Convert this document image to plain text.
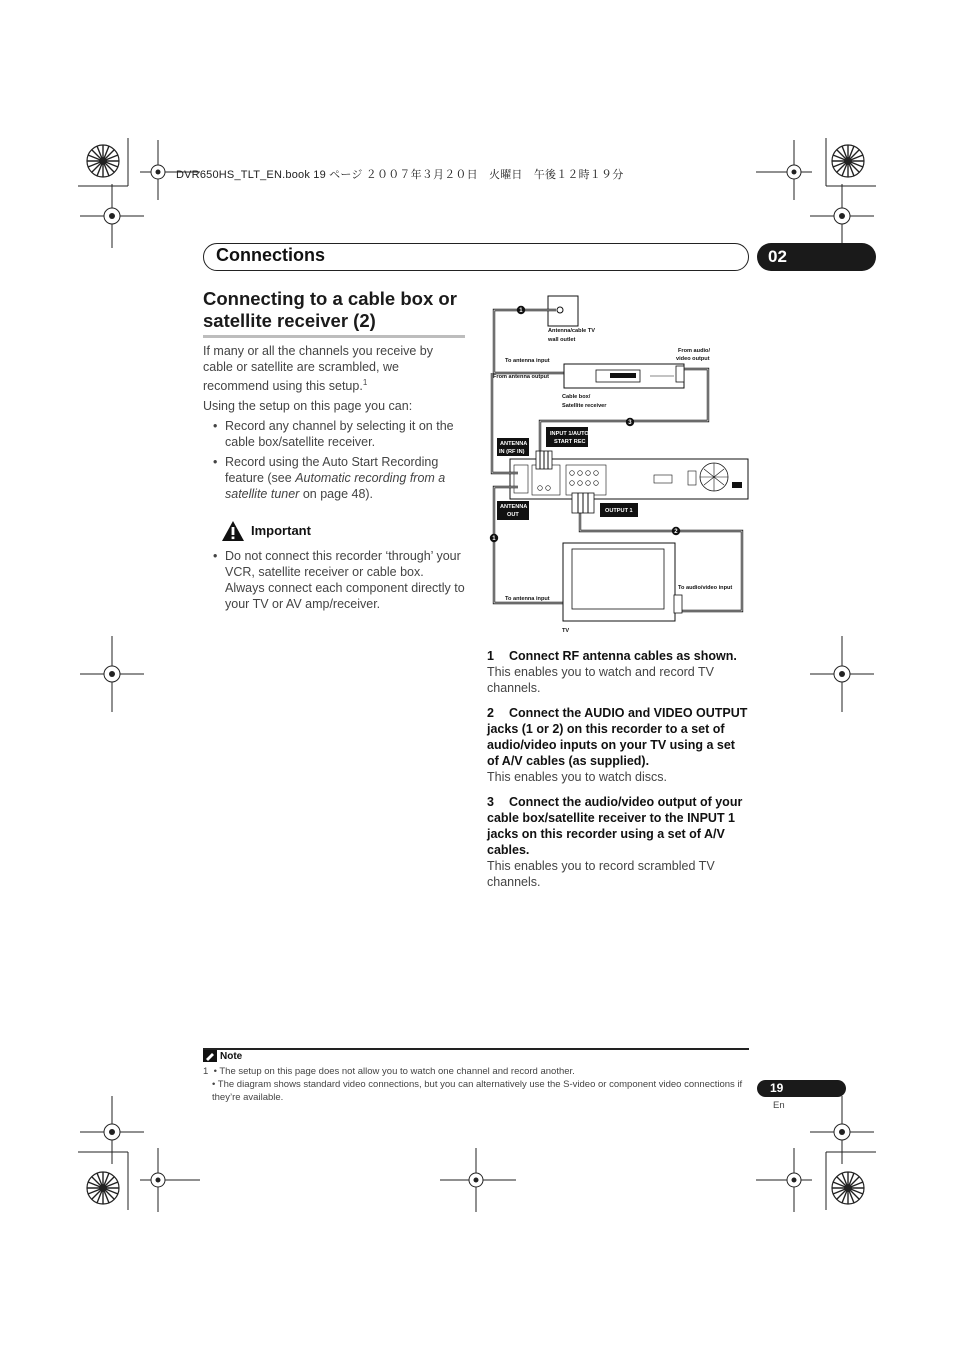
DVR650HS_TLT_EN.book 19 ページ ２００７年３月２０日　火曜日　午後１２時１９分
Connections	02
Connecting to a cable box or satellite receiver (2)

If many or all the channels you receive by cable or satellite are scrambled, we recommend using this setup.$^1$

Using the setup on this page you can:

• Record any channel by selecting it on the cable box/satellite receiver.
• Record using the Auto Start Recording feature (see Automatic recording from a satellite tuner on page 48).
Important
• Do not connect this recorder ‘through’ your VCR, satellite receiver or cable box. Always connect each component directly to your TV or AV amp/receiver.
Antenna/cable TV
wall outlet
1
To antenna input
From antenna output
Cable box/
Satellite receiver
From audio/
video output
3
INPUT 1/AUTO
START REC
ANTENNA
IN (RF IN)
ANTENNA
OUT
OUTPUT 1
1
To antenna input
2
To audio/video input
TV
1 Connect RF antenna cables as shown.
This enables you to watch and record TV channels.
2 Connect the AUDIO and VIDEO OUTPUT jacks (1 or 2) on this recorder to a set of audio/video inputs on your TV using a set of A/V cables (as supplied).
This enables you to watch discs.
3 Connect the audio/video output of your cable box/satellite receiver to the INPUT 1 jacks on this recorder using a set of A/V cables.
This enables you to record scrambled TV channels.
Note
1 • The setup on this page does not allow you to watch one channel and record another.
• The diagram shows standard video connections, but you can alternatively use the S-video or component video connections if they’re available.
19
En
